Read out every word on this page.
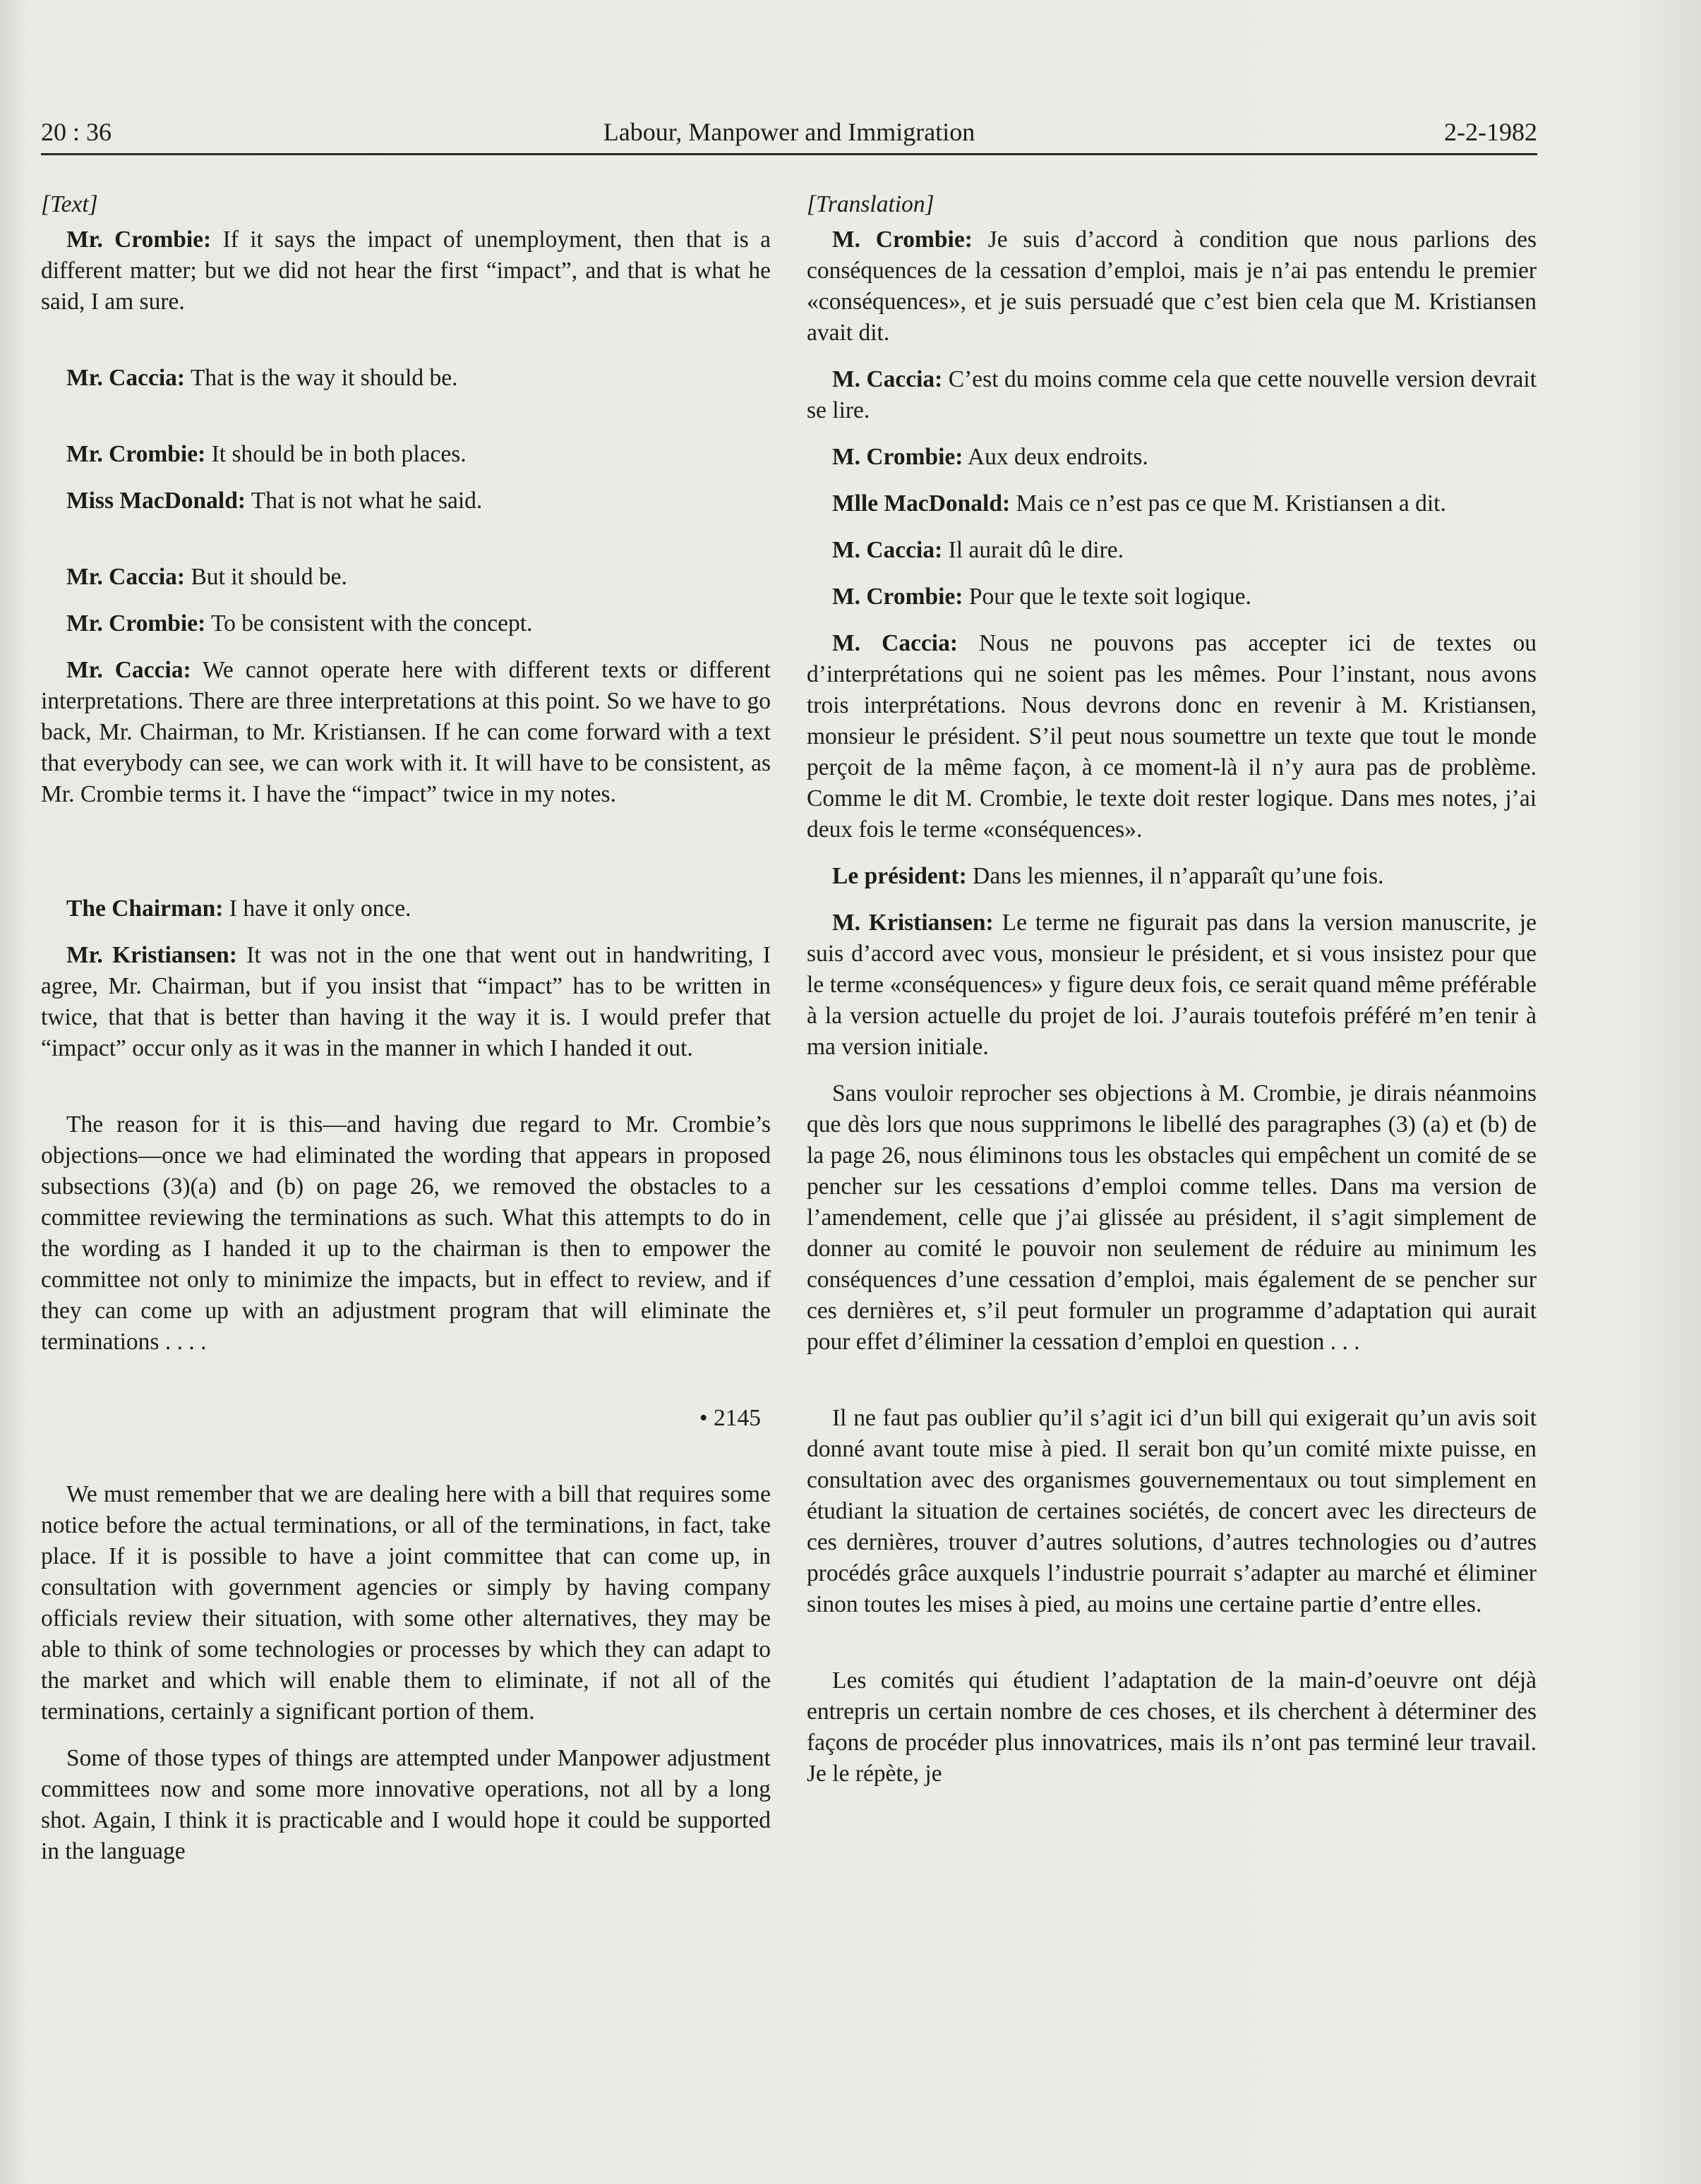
20 : 36	Labour, Manpower and Immigration	2-2-1982

[Text]

Mr. Crombie: If it says the impact of unemployment, then that is a different matter; but we did not hear the first “impact”, and that is what he said, I am sure.

Mr. Caccia: That is the way it should be.

Mr. Crombie: It should be in both places.

Miss MacDonald: That is not what he said.

Mr. Caccia: But it should be.

Mr. Crombie: To be consistent with the concept.

Mr. Caccia: We cannot operate here with different texts or different interpretations. There are three interpretations at this point. So we have to go back, Mr. Chairman, to Mr. Kristiansen. If he can come forward with a text that everybody can see, we can work with it. It will have to be consistent, as Mr. Crombie terms it. I have the “impact” twice in my notes.

The Chairman: I have it only once.

Mr. Kristiansen: It was not in the one that went out in handwriting, I agree, Mr. Chairman, but if you insist that “impact” has to be written in twice, that that is better than having it the way it is. I would prefer that “impact” occur only as it was in the manner in which I handed it out.

The reason for it is this—and having due regard to Mr. Crombie’s objections—once we had eliminated the wording that appears in proposed subsections (3)(a) and (b) on page 26, we removed the obstacles to a committee reviewing the terminations as such. What this attempts to do in the wording as I handed it up to the chairman is then to empower the committee not only to minimize the impacts, but in effect to review, and if they can come up with an adjustment program that will eliminate the terminations . . . .

• 2145

We must remember that we are dealing here with a bill that requires some notice before the actual terminations, or all of the terminations, in fact, take place. If it is possible to have a joint committee that can come up, in consultation with government agencies or simply by having company officials review their situation, with some other alternatives, they may be able to think of some technologies or processes by which they can adapt to the market and which will enable them to eliminate, if not all of the terminations, certainly a significant portion of them.

Some of those types of things are attempted under Manpower adjustment committees now and some more innovative operations, not all by a long shot. Again, I think it is practicable and I would hope it could be supported in the language

[Translation]

M. Crombie: Je suis d’accord à condition que nous parlions des conséquences de la cessation d’emploi, mais je n’ai pas entendu le premier «conséquences», et je suis persuadé que c’est bien cela que M. Kristiansen avait dit.

M. Caccia: C’est du moins comme cela que cette nouvelle version devrait se lire.

M. Crombie: Aux deux endroits.

Mlle MacDonald: Mais ce n’est pas ce que M. Kristiansen a dit.

M. Caccia: Il aurait dû le dire.

M. Crombie: Pour que le texte soit logique.

M. Caccia: Nous ne pouvons pas accepter ici de textes ou d’interprétations qui ne soient pas les mêmes. Pour l’instant, nous avons trois interprétations. Nous devrons donc en revenir à M. Kristiansen, monsieur le président. S’il peut nous soumettre un texte que tout le monde perçoit de la même façon, à ce moment-là il n’y aura pas de problème. Comme le dit M. Crombie, le texte doit rester logique. Dans mes notes, j’ai deux fois le terme «conséquences».

Le président: Dans les miennes, il n’apparaît qu’une fois.

M. Kristiansen: Le terme ne figurait pas dans la version manuscrite, je suis d’accord avec vous, monsieur le président, et si vous insistez pour que le terme «conséquences» y figure deux fois, ce serait quand même préférable à la version actuelle du projet de loi. J’aurais toutefois préféré m’en tenir à ma version initiale.

Sans vouloir reprocher ses objections à M. Crombie, je dirais néanmoins que dès lors que nous supprimons le libellé des paragraphes (3) (a) et (b) de la page 26, nous éliminons tous les obstacles qui empêchent un comité de se pencher sur les cessations d’emploi comme telles. Dans ma version de l’amendement, celle que j’ai glissée au président, il s’agit simplement de donner au comité le pouvoir non seulement de réduire au minimum les conséquences d’une cessation d’emploi, mais également de se pencher sur ces dernières et, s’il peut formuler un programme d’adaptation qui aurait pour effet d’éliminer la cessation d’emploi en question . . .

Il ne faut pas oublier qu’il s’agit ici d’un bill qui exigerait qu’un avis soit donné avant toute mise à pied. Il serait bon qu’un comité mixte puisse, en consultation avec des organismes gouvernementaux ou tout simplement en étudiant la situation de certaines sociétés, de concert avec les directeurs de ces dernières, trouver d’autres solutions, d’autres technologies ou d’autres procédés grâce auxquels l’industrie pourrait s’adapter au marché et éliminer sinon toutes les mises à pied, au moins une certaine partie d’entre elles.

Les comités qui étudient l’adaptation de la main-d’oeuvre ont déjà entrepris un certain nombre de ces choses, et ils cherchent à déterminer des façons de procéder plus innovatrices, mais ils n’ont pas terminé leur travail. Je le répète, je
